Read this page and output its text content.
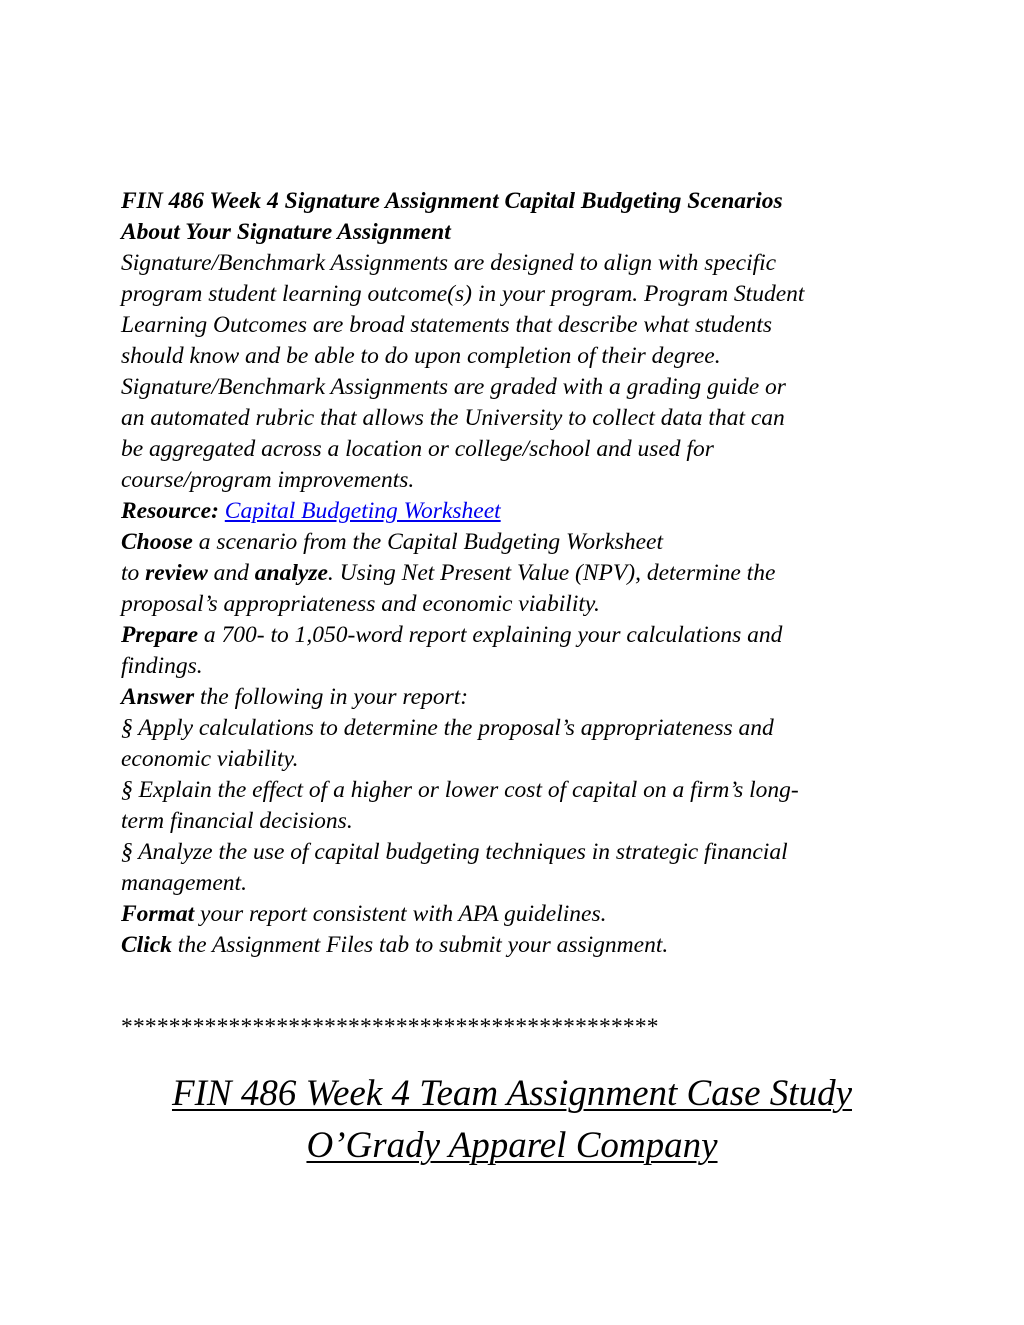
FIN 486 Week 4 Signature Assignment Capital Budgeting Scenarios
About Your Signature Assignment
Signature/Benchmark Assignments are designed to align with specific
program student learning outcome(s) in your program. Program Student
Learning Outcomes are broad statements that describe what students
should know and be able to do upon completion of their degree.
Signature/Benchmark Assignments are graded with a grading guide or
an automated rubric that allows the University to collect data that can
be aggregated across a location or college/school and used for
course/program improvements.
Resource: Capital Budgeting Worksheet
Choose a scenario from the Capital Budgeting Worksheet
to review and analyze. Using Net Present Value (NPV), determine the
proposal’s appropriateness and economic viability.
Prepare a 700- to 1,050-word report explaining your calculations and
findings.
Answer the following in your report:
§ Apply calculations to determine the proposal’s appropriateness and
economic viability.
§ Explain the effect of a higher or lower cost of capital on a firm’s long-
term financial decisions.
§ Analyze the use of capital budgeting techniques in strategic financial
management.
Format your report consistent with APA guidelines.
Click the Assignment Files tab to submit your assignment.
*********************************************
FIN 486 Week 4 Team Assignment Case Study
O’Grady Apparel Company
